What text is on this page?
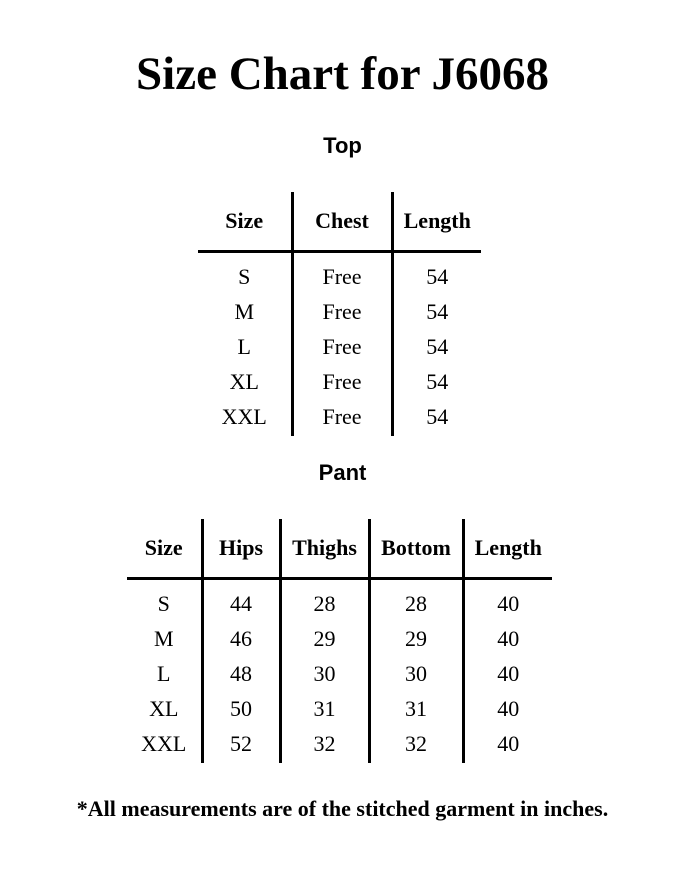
Size Chart for J6068
Top
Size	Chest	Length
S	Free	54
M	Free	54
L	Free	54
XL	Free	54
XXL	Free	54
Pant
Size	Hips	Thighs	Bottom	Length
S	44	28	28	40
M	46	29	29	40
L	48	30	30	40
XL	50	31	31	40
XXL	52	32	32	40

*All measurements are of the stitched garment in inches.
